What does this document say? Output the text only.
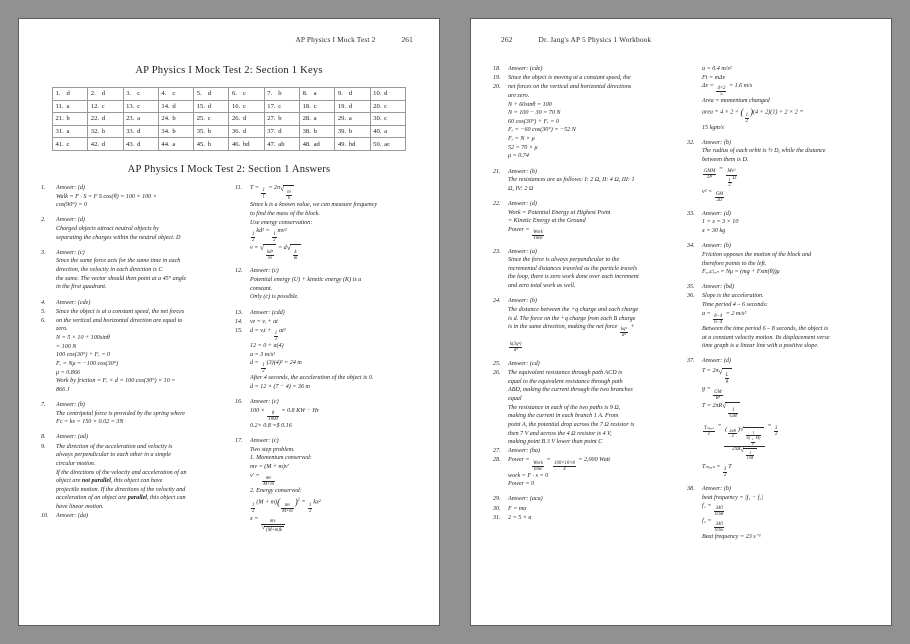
AP Physics I Mock Test 2	261
AP Physics I Mock Test 2: Section 1 Keys
1. d	2. d	3. c	4. c	5. d	6. c	7. b	8. a	9. d	10. d
11. a	12. c	13. c	14. d	15. d	16. c	17. c	18. c	19. d	20. c
21. b	22. d	23. a	24. b	25. c	26. d	27. b	28. a	29. a	30. c
31. a	32. b	33. d	34. b	35. b	36. d	37. d	38. b	39. b	40. a
41. c	42. d	43. d	44. a	45. b	46. bd	47. ab	48. ad	49. bd	50. ac
AP Physics I Mock Test 2: Section 1 Answers
1.	Answer: (d)
Walk = F · S = F S cos(θ) = 100 × 100 ×
cos(90°) = 0
2.	Answer: (d)
Charged objects attract neutral objects by
separating the charges within the neutral object. D
3.	Answer: (c)
Since the same force acts for the same time in each
direction, the velocity in each direction is C
the same. The vector should then point at a 45° angle
in the first quadrant.
4.	Answer: (cde)
5.	Since the object is at a constant speed, the net forces
6.	on the vertical and horizontal direction are equal to
zero.
N = 5 × 10 + 100sinθ
= 100 N
100 cos(30°) + Fᵣ = 0
Fᵣ = Nμ = −100 cos(30°)
μ = 0.866
Work by friction = Fᵣ × d = 100 cos(30°) × 10 =
866 J
7.	Answer: (b)
The centripetal force is provided by the spring where
Fᴄ = kx = 150 × 0.02 = 3N
8.	Answer: (ad)
9.	The direction of the acceleration and velocity is
always perpendicular to each other in a simple
circular motion.
If the directions of the velocity and acceleration of an
object are not parallel, this object can have
projectile motion. If the directions of the velocity and
acceleration of an object are parallel, this object can
have linear motion.
10.	Answer: (da)
11.	T =
$\frac{1}{f}$
= 2π √
$\frac{m}{k}$
Since k is a known value, we can measure frequency
to find the mass of the block.
Use energy conservation:
$\frac{1}{2}$
kd² =
$\frac{1}{2}$
mv²
v = √
$\frac{\text{kd²}}{m}$
= d √
$\frac{k}{m}$
12.	Answer: (c)
Potential energy (U) + kinetic energy (K) is a
constant.
Only (c) is possible.
13.	Answer: (cdd)
14.	vғ = vᵢ + at
15.	d = vᵢt +
$\frac{1}{2}$
at²
12 = 0 + a(4)
a = 3 m/s²
d =
$\frac{1}{2}$
(3)(4)² = 24 m
After 4 seconds, the acceleration of the object is 0.
d = 12 × (7 − 4) = 36 m
16.	Answer: (c)
100 ×
$\frac{8}{1000}$
= 0.8 KW − Hr
0.2× 0.8 =$ 0.16
17.	Answer: (c)
Two step problem.
1. Momentum conserved:
mv = (M + m)v′
v′ =
$\frac{mv}{M+m}$
2. Energy conserved:
$\frac{1}{2}$
(M + m)(
$\frac{mv}{M+m}$
)$^2$ =
$\frac{1}{2}$
kx²
x =
$\frac{mv}{√ (M+m)k}$
262	Dr. Jang's AP 5 Physics 1 Workbook
18.	Answer: (cde)
19.	Since the object is moving at a constant speed, the
20.	net forces on the vertical and horizontal directions
are zero.
N + 60sinθ = 100
N = 100 − 30 = 70 N
60 cos(30°) + Fᵣ = 0
Fᵣ = −60 cos(30°) = −52 N
Fᵣ = N × μ
52 = 70 × μ
μ = 0.74
21.	Answer: (b)
The resistances are as follows: I: 2 Ω, II: 4 Ω, III: 1
Ω, IV: 2 Ω
22.	Answer: (d)
Work = Potential Energy at Highest Point
= Kinetic Energy at the Ground
Power =
$\frac{\text{Work}}{\text{Time}}$
23.	Answer: (a)
Since the force is always perpendicular to the
incremental distances traveled as the particle travels
the loop, there is zero work done over each increment
and zero total work as well.
24.	Answer: (b)
The distance between the +q charge and each charge
is d. The force on the +q charge from each B charge
is in the same direction, making the net force
$\frac{\text{kq²}}{\text{d²}}$
+
$\frac{\text{k(3q²)}}{\text{d²}}$
25.	Answer: (cd)
26.	The equivalent resistance through path ACD is
equal to the equivalent resistance through path
ABD, making the current through the two branches
equal
The resistance in each of the two paths is 9 Ω,
making the current in each branch 1 A. From
point A, the potential drop across the 7 Ω resistor is
then 7 V and across the 4 Ω resistor is 4 V,
making point B 3 V lower than point C
27.	Answer: (ba)
28.	Power =
$\frac{\text{Work}}{\text{time}}$
=
$\frac{100\times 10\times 8}{4}$
= 2,000 Watt
work = F · s = 0
Power = 0
29.	Answer: (aca)
30.	F = ma
31.	2 = 5 × a
a = 0.4 m/s²
Ft = mΔv
Δv =
$\frac{4\times 2}{5}$
= 1.6 m/s
Area = momentum changed
area = 4 × 2 + (
$\frac{1}{2}$
)(4 + 2)(1) + 2 × 2 =
15 kgm/s
32.	Answer: (b)
The radius of each orbit is ½ D, while the distance
between them is D.
$\frac{\text{GMM}}{\text{D²}}$
=
$\frac{\text{Mv²}}{\frac{1}{2} D}$
v² =
$\frac{GM}{2D}$
33.	Answer: (d)
1 × x = 3 × 10
x = 30 kg
34.	Answer: (b)
Friction opposes the motion of the block and
therefore points to the left.
Fₑᵣᵢᴄᵗᵢₒₙ = Nμ = (mg + Fsin(θ))μ
35.	Answer: (bd)
36.	Slope is the acceleration.
Time period 4 – 6 seconds:
a =
$\frac{8-4}{6-4}$
= 2 m/s²
Between the time period 6 – 8 seconds, the object is
at a constant velocity motion. Its displacement verse
time graph is a linear line with a positive slope.
37.	Answer: (d)
T = 2π √
$\frac{L}{g}$
g =
$\frac{GM}{\text{R²}}$
T = 2πR √
$\frac{1}{GM}$
$\frac{\text{Tₘₐᵣₛ}}{T}$
= ( $\frac{2\pi R}{2}$ ) √
1
6(
$\frac{1}{9}$
M)
2πR √
$\frac{1}{GM}$ =
$\frac{3}{2}$
Tₘₐᵣₛ =
$\frac{3}{2}$
T
38.	Answer: (b)
beat frequency = |f₁ − f₂|
f₁ =
$\frac{340}{0.68}$
f₂ =
$\frac{340}{0.65}$
Beat frequency = 23 s⁻¹
